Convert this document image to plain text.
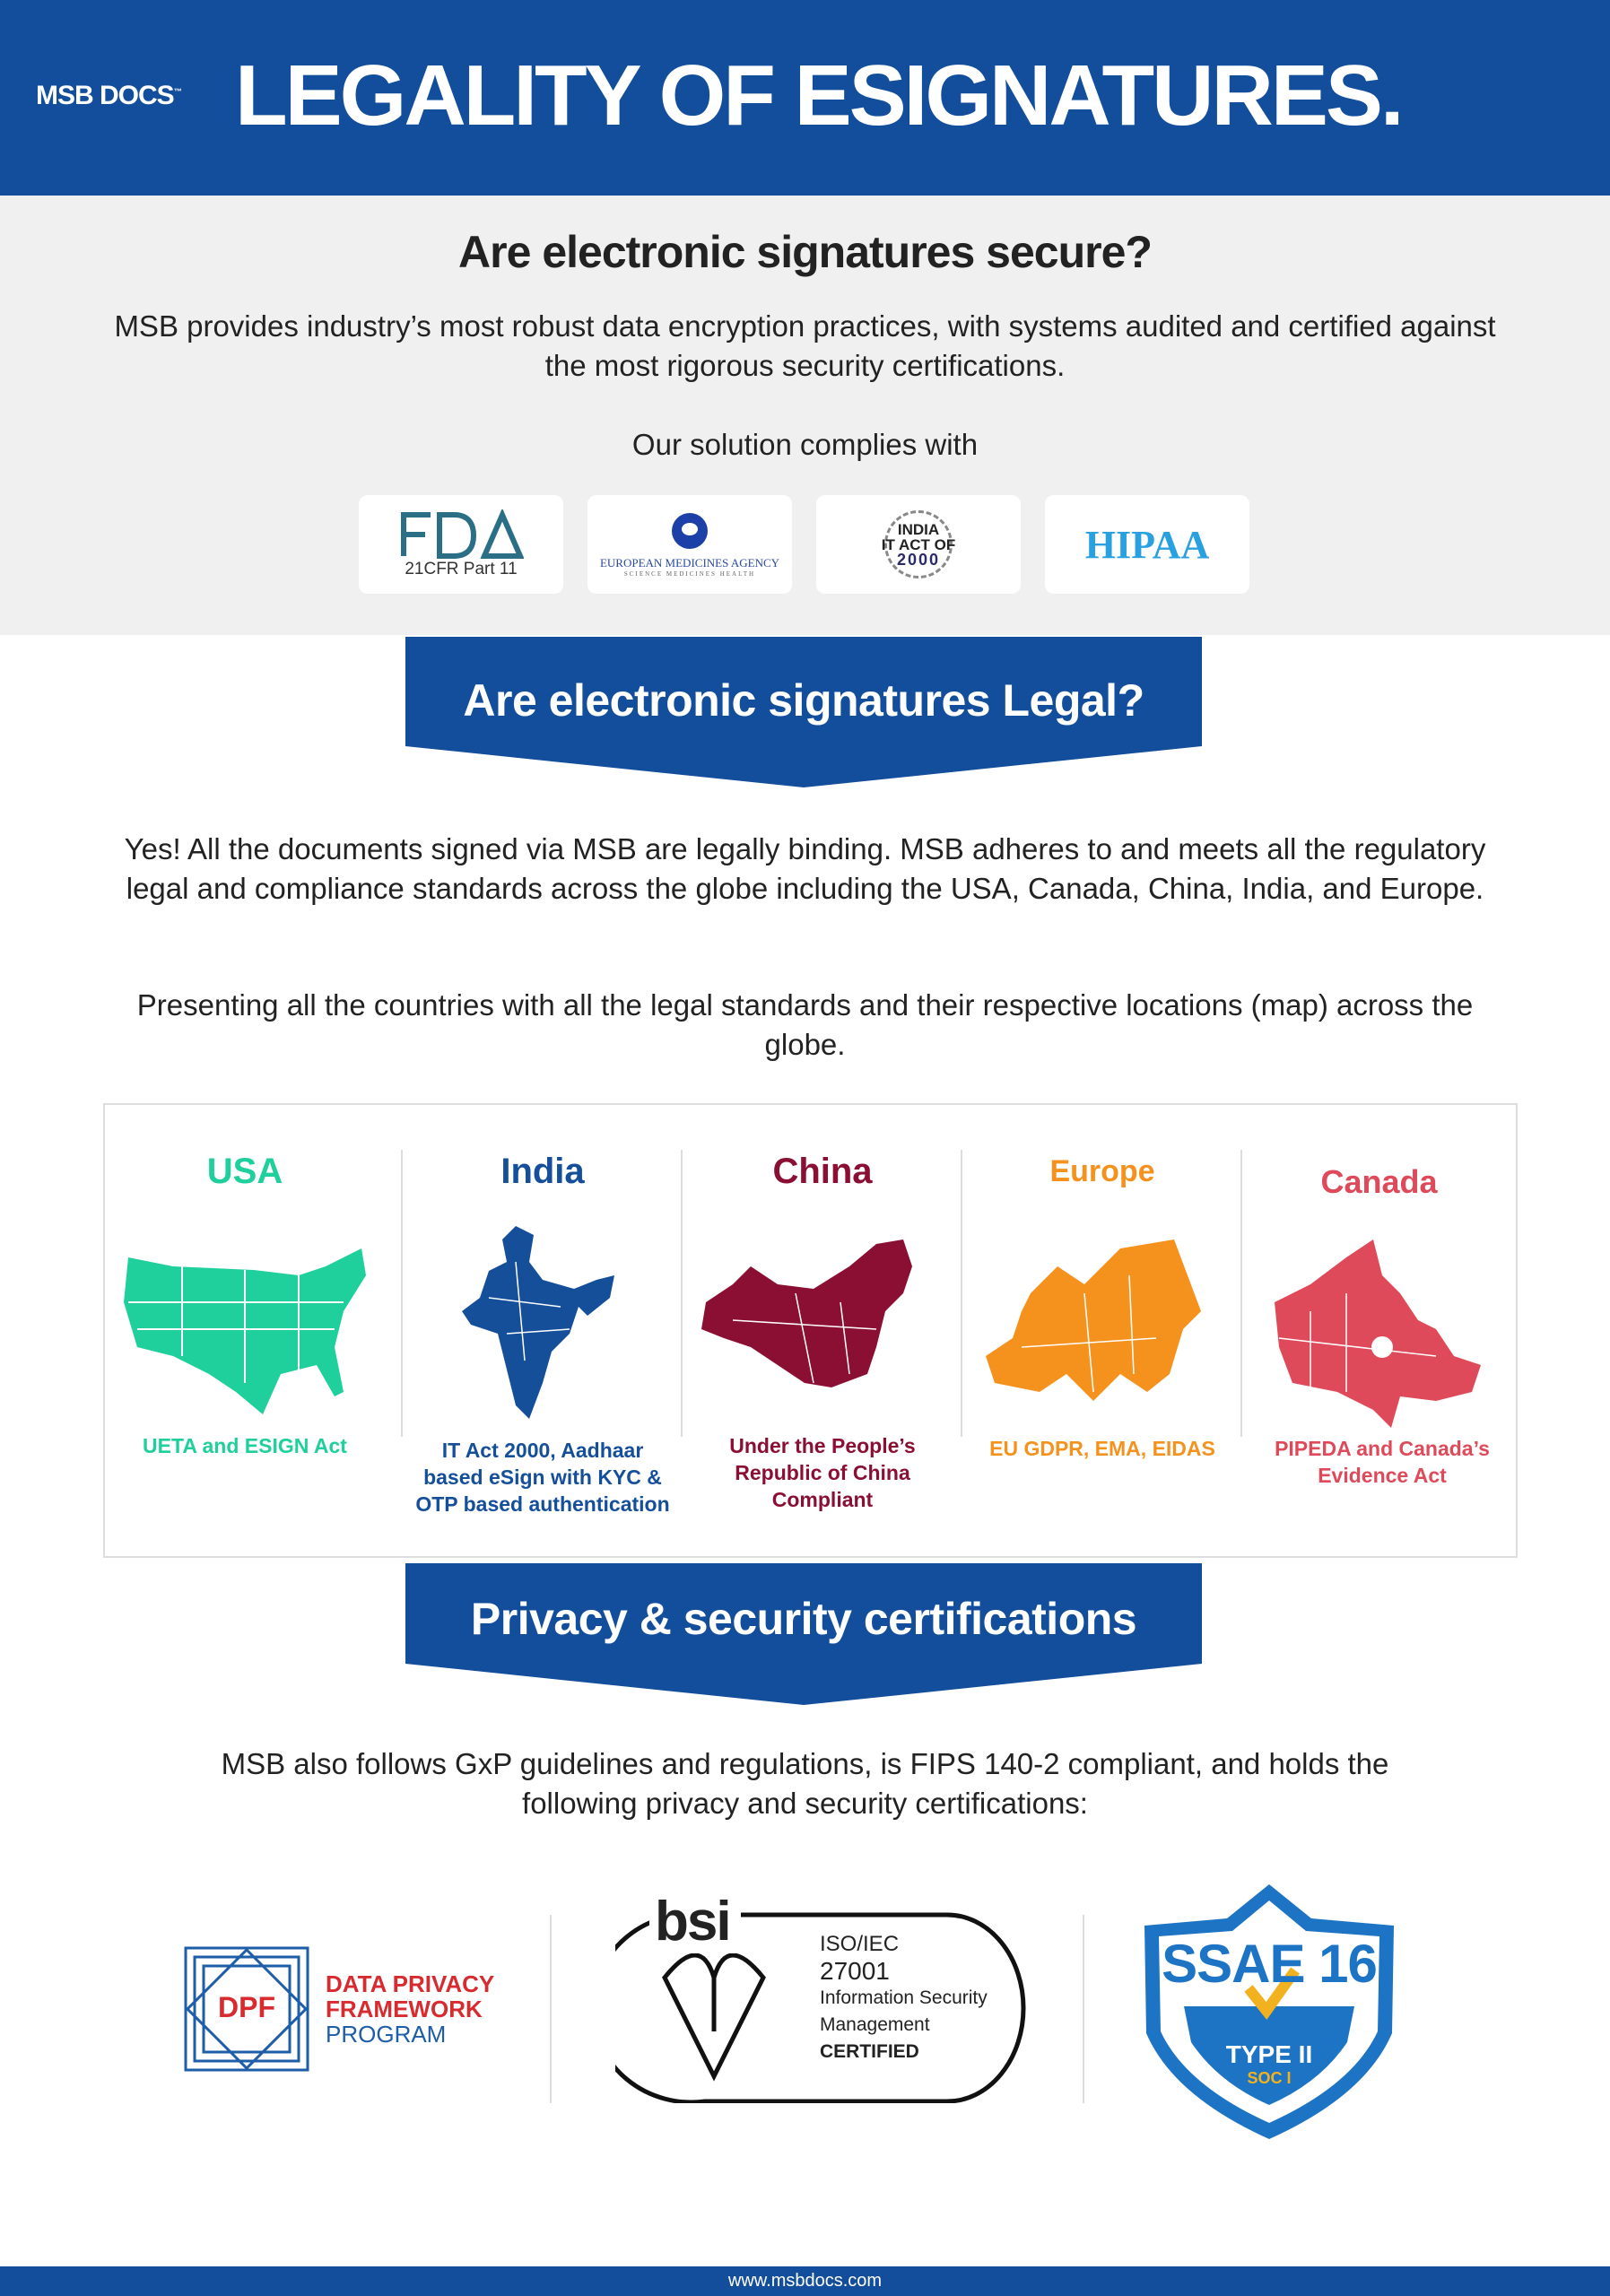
MSB DOCS™ LEGALITY OF ESIGNATURES.
Are electronic signatures secure?
MSB provides industry’s most robust data encryption practices, with systems audited and certified against the most rigorous security certifications.
Our solution complies with
21CFR Part 11	EUROPEAN MEDICINES AGENCY
SCIENCE MEDICINES HEALTH
INDIA
IT ACT OF
2000	HIPAA
Are electronic signatures Legal?
Yes! All the documents signed via MSB are legally binding. MSB adheres to and meets all the regulatory legal and compliance standards across the globe including the USA, Canada, China, India, and Europe.
Presenting all the countries with all the legal standards and their respective locations (map) across the globe.
USA
UETA and ESIGN Act
India
IT Act 2000, Aadhaar based eSign with KYC & OTP based authentication
China
Under the People’s Republic of China Compliant
Europe
EU GDPR, EMA, EIDAS
Canada
PIPEDA and Canada’s Evidence Act
Privacy & security certifications
MSB also follows GxP guidelines and regulations, is FIPS 140-2 compliant, and holds the following privacy and security certifications:
DPF
DATA PRIVACY
FRAMEWORK
PROGRAM
bsi	ISO/IEC
27001
Information Security
Management
CERTIFIED
SSAE 16
TYPE II
SOC I
www.msbdocs.com
